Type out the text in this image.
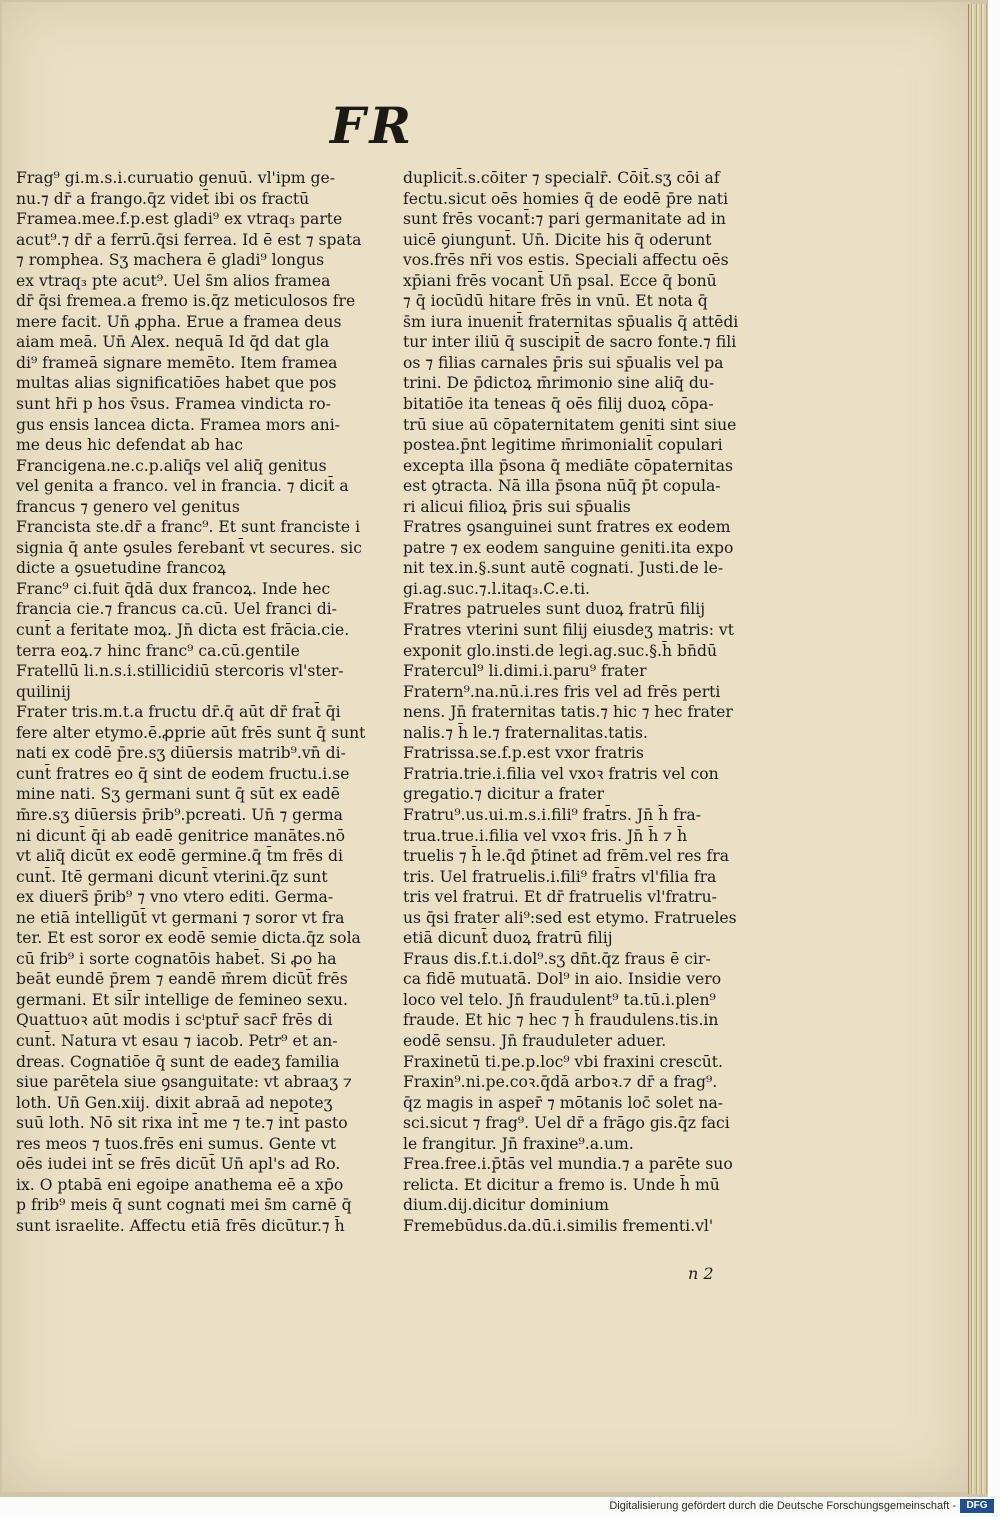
FR
Frag⁹ gi.m.s.i.curuatio genuū. vl'ipm ge-
nu.⁊ dr̄ a frango.q̄z videt̄ ibi os fractū
Framea.mee.f.p.est gladi⁹ ex vtraq₃ parte
acut⁹.⁊ dr̄ a ferrū.q̄si ferrea. Id ē est ⁊ spata
⁊ romphea. Sʒ machera ē gladi⁹ longus
ex vtraq₃ pte acut⁹. Uel s̄m alios framea
dr̄ q̄si fremea.a fremo is.q̄z meticulosos fre
mere facit. Un̄ ꝓpha. Erue a framea deus
aiam meā. Un̄ Alex. nequā Id q̄d dat gla
di⁹ frameā signare memēto. Item framea
multas alias significatiōes habet que pos
sunt hr̄i p hos v̄sus. Framea vindicta ro-
gus ensis lancea dicta. Framea mors ani-
me deus hic defendat ab hac
Francigena.ne.c.p.aliq̄s vel aliq̄ genitus
vel genita a franco. vel in francia. ⁊ dicit̄ a
francus ⁊ genero vel genitus
Francista ste.dr̄ a franc⁹. Et sunt franciste i
signia q̄ ante ꝯsules ferebant̄ vt secures. sic
dicte a ꝯsuetudine francoꝝ
Franc⁹ ci.fuit q̄dā dux francoꝝ. Inde hec
francia cie.⁊ francus ca.cū. Uel franci di-
cunt̄ a feritate moꝝ. Jn̄ dicta est frācia.cie.
terra eoꝝ.⁊ hinc franc⁹ ca.cū.gentile
Fratellū li.n.s.i.stillicidiū stercoris vl'ster-
quilinij
Frater tris.m.t.a fructu dr̄.q̄ aūt dr̄ frat̄ q̄i
fere alter etymo.ē.ꝓprie aūt frēs sunt q̄ sunt
nati ex codē p̄re.sʒ diūersis matrib⁹.vn̄ di-
cunt̄ fratres eo q̄ sint de eodem fructu.i.se
mine nati. Sʒ germani sunt q̄ sūt ex eadē
m̄re.sʒ diūersis p̄rib⁹.pcreati. Un̄ ⁊ germa
ni dicunt̄ q̄i ab eadē genitrice manātes.nō
vt aliq̄ dicūt ex eodē germine.q̄ t̄m frēs di
cunt̄. Itē germani dicunt̄ vterini.q̄z sunt
ex diuers̄ p̄rib⁹ ⁊ vno vtero editi. Germa-
ne etiā intelligūt̄ vt germani ⁊ soror vt fra
ter. Et est soror ex eodē semie dicta.q̄z sola
cū frib⁹ i sorte cognatōis habet̄. Si ꝓo ha
beāt eundē p̄rem ⁊ eandē m̄rem dicūt̄ frēs
germani. Et sil̄r intellige de femineo sexu.
Quattuoꝛ aūt modis i scⁱptur̄ sacr̄ frēs di
cunt̄. Natura vt esau ⁊ iacob. Petr⁹ et an-
dreas. Cognatiōe q̄ sunt de eadeʒ familia
siue parētela siue ꝯsanguitate: vt abraaʒ ⁊
loth. Un̄ Gen.xiij. dixit abraā ad nepoteʒ
suū loth. Nō sit rixa int̄ me ⁊ te.⁊ int̄ pasto
res meos ⁊ tuos.frēs eni sumus. Gente vt
oēs iudei int̄ se frēs dicūt̄ Un̄ apl's ad Ro.
ix. O ptabā eni egoipe anathema eē a xp̄o
p frib⁹ meis q̄ sunt cognati mei s̄m carnē q̄
sunt israelite. Affectu etiā frēs dicūtur.⁊ h̄
duplicit̄.s.cōiter ⁊ specialr̄. Cōit̄.sʒ cōi af
fectu.sicut oēs homies q̄ de eodē p̄re nati
sunt frēs vocant̄:⁊ pari germanitate ad in
uicē ꝯiungunt̄. Un̄. Dicite his q̄ oderunt
vos.frēs nr̄i vos estis. Speciali affectu oēs
xp̄iani frēs vocant̄ Un̄ psal. Ecce q̄ bonū
⁊ q̄ iocūdū hitare frēs in vnū. Et nota q̄
s̄m iura inuenit̄ fraternitas sp̄ualis q̄ attēdi
tur inter iliū q̄ suscipit̄ de sacro fonte.⁊ fili
os ⁊ filias carnales p̄ris sui sp̄ualis vel pa
trini. De p̄dictoꝝ m̄rimonio sine aliq̄ du-
bitatiōe ita teneas q̄ oēs filij duoꝝ cōpa-
trū siue aū cōpaternitatem geniti sint siue
postea.p̄nt legitime m̄rimonialit̄ copulari
excepta illa p̄sona q̄ mediāte cōpaternitas
est ꝯtracta. Nā illa p̄sona nūq̄ p̄t copula-
ri alicui filioꝝ p̄ris sui sp̄ualis
Fratres ꝯsanguinei sunt fratres ex eodem
patre ⁊ ex eodem sanguine geniti.ita expo
nit tex.in.§.sunt autē cognati. Justi.de le-
gi.ag.suc.⁊.l.itaq₃.C.e.ti.
Fratres patrueles sunt duoꝝ fratrū filij
Fratres vterini sunt filij eiusdeʒ matris: vt
exponit glo.insti.de legi.ag.suc.§.h̄ bn̄dū
Fratercul⁹ li.dimi.i.paru⁹ frater
Fratern⁹.na.nū.i.res fris vel ad frēs perti
nens. Jn̄ fraternitas tatis.⁊ hic ⁊ hec frater
nalis.⁊ h̄ le.⁊ fraternalitas.tatis.
Fratrissa.se.f.p.est vxor fratris
Fratria.trie.i.filia vel vxoꝛ fratris vel con
gregatio.⁊ dicitur a frater
Fratru⁹.us.ui.m.s.i.fili⁹ frat̄rs. Jn̄ h̄ fra-
trua.true.i.filia vel vxoꝛ fris. Jn̄ h̄ ⁊ h̄
truelis ⁊ h̄ le.q̄d p̄tinet ad frēm.vel res fra
tris. Uel fratruelis.i.fili⁹ frat̄rs vl'filia fra
tris vel fratrui. Et dr̄ fratruelis vl'fratru-
us q̄si frater ali⁹:sed est etymo. Fratrueles
etiā dicunt̄ duoꝝ fratrū filij
Fraus dis.f.t.i.dol⁹.sʒ dn̄t.q̄z fraus ē cir-
ca fidē mutuatā. Dol⁹ in aio. Insidie vero
loco vel telo. Jn̄ fraudulent⁹ ta.tū.i.plen⁹
fraude. Et hic ⁊ hec ⁊ h̄ fraudulens.tis.in
eodē sensu. Jn̄ frauduleter aduer.
Fraxinetū ti.pe.p.loc⁹ vbi fraxini crescūt.
Fraxin⁹.ni.pe.coꝛ.q̄dā arboꝛ.⁊ dr̄ a frag⁹.
q̄z magis in asper̄ ⁊ mōtanis loc̄ solet na-
sci.sicut ⁊ frag⁹. Uel dr̄ a frāgo gis.q̄z faci
le frangitur. Jn̄ fraxine⁹.a.um.
Frea.free.i.p̄tās vel mundia.⁊ a parēte suo
relicta. Et dicitur a fremo is. Unde h̄ mū
dium.dij.dicitur dominium
Fremebūdus.da.dū.i.similis frementi.vl'
n 2
Digitalisierung gefördert durch die Deutsche Forschungsgemeinschaft -	DFG
